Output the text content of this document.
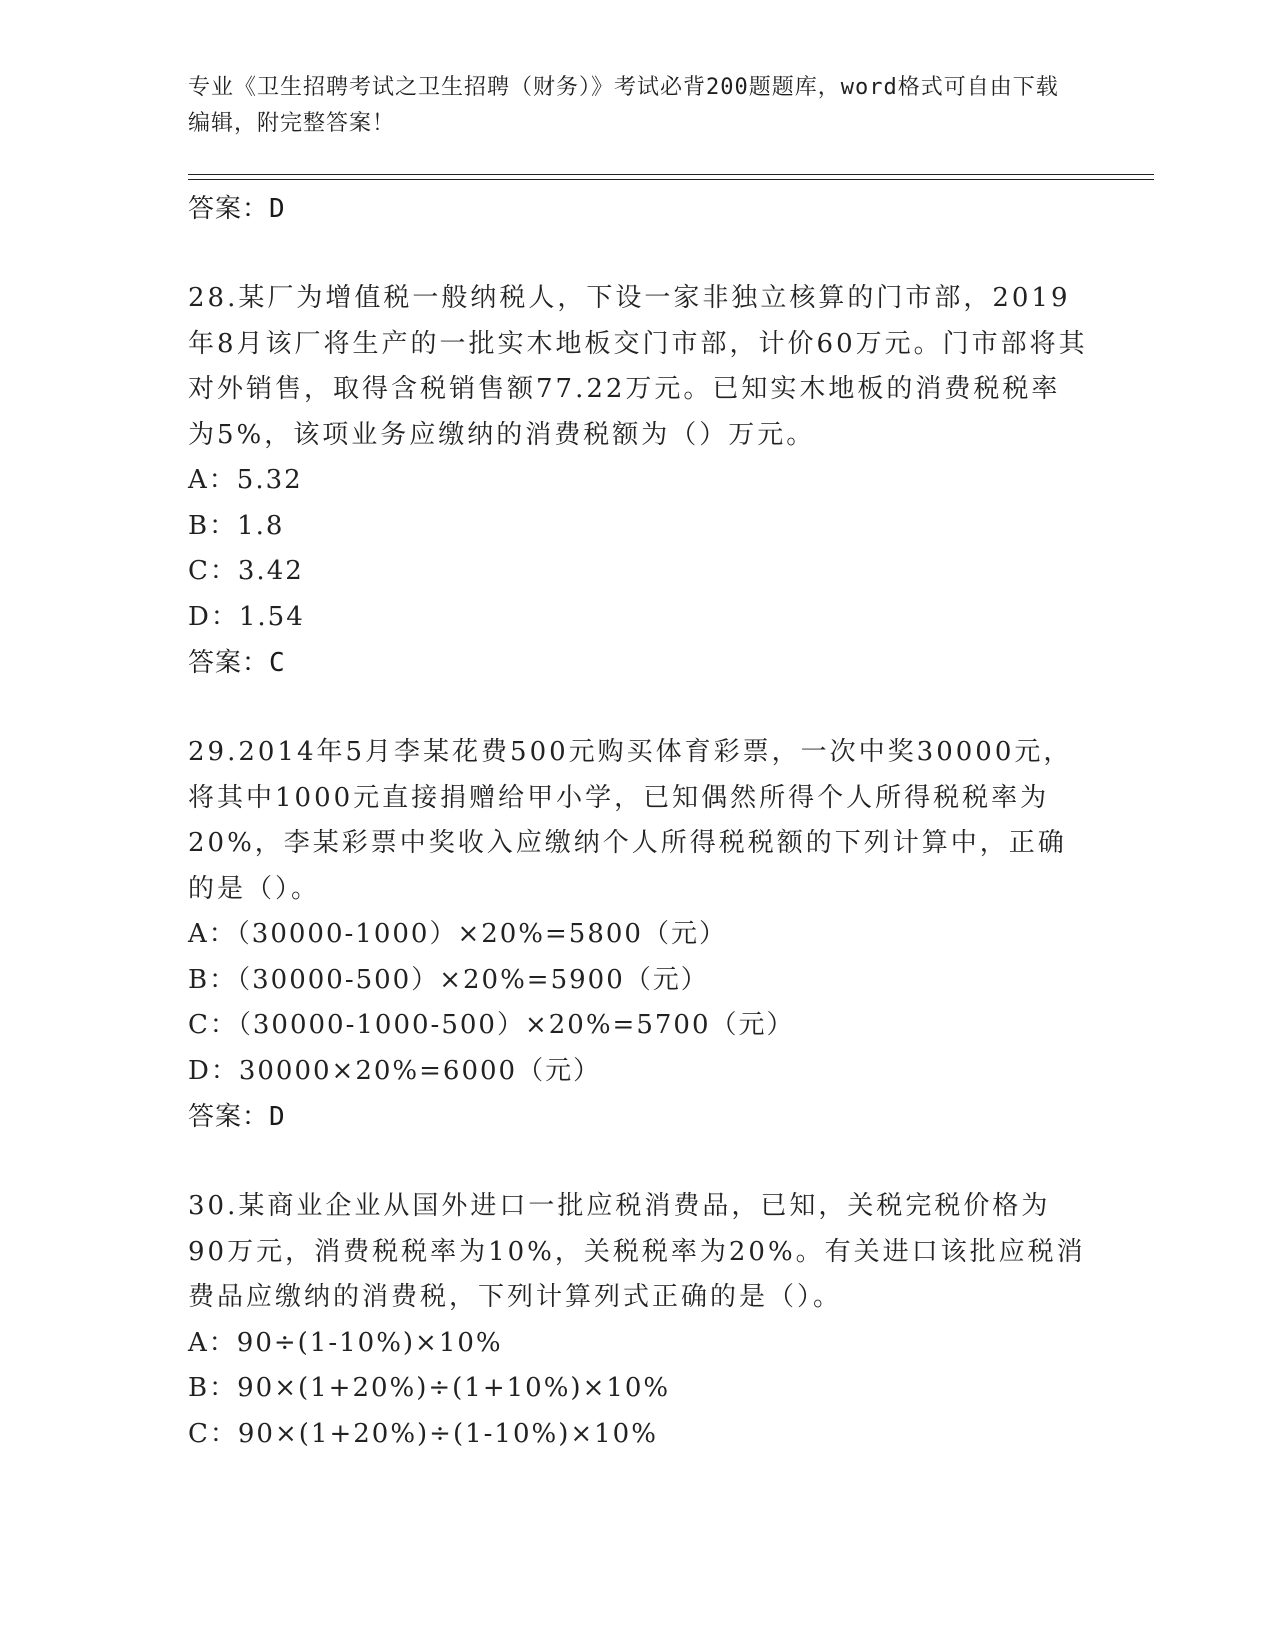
专业《卫生招聘考试之卫生招聘（财务）》考试必背200题题库，word格式可自由下载编辑，附完整答案！
答案：D
28.某厂为增值税一般纳税人，下设一家非独立核算的门市部，2019年8月该厂将生产的一批实木地板交门市部，计价60万元。门市部将其对外销售，取得含税销售额77.22万元。已知实木地板的消费税税率为5%，该项业务应缴纳的消费税额为（）万元。
A：5.32
B：1.8
C：3.42
D：1.54
答案：C
29.2014年5月李某花费500元购买体育彩票，一次中奖30000元，将其中1000元直接捐赠给甲小学，已知偶然所得个人所得税税率为20%，李某彩票中奖收入应缴纳个人所得税税额的下列计算中，正确的是（）。
A：（30000-1000）×20%=5800（元）
B：（30000-500）×20%=5900（元）
C：（30000-1000-500）×20%=5700（元）
D：30000×20%=6000（元）
答案：D
30.某商业企业从国外进口一批应税消费品，已知，关税完税价格为90万元，消费税税率为10%，关税税率为20%。有关进口该批应税消费品应缴纳的消费税，下列计算列式正确的是（）。
A：90÷(1-10%)×10%
B：90×(1+20%)÷(1+10%)×10%
C：90×(1+20%)÷(1-10%)×10%
